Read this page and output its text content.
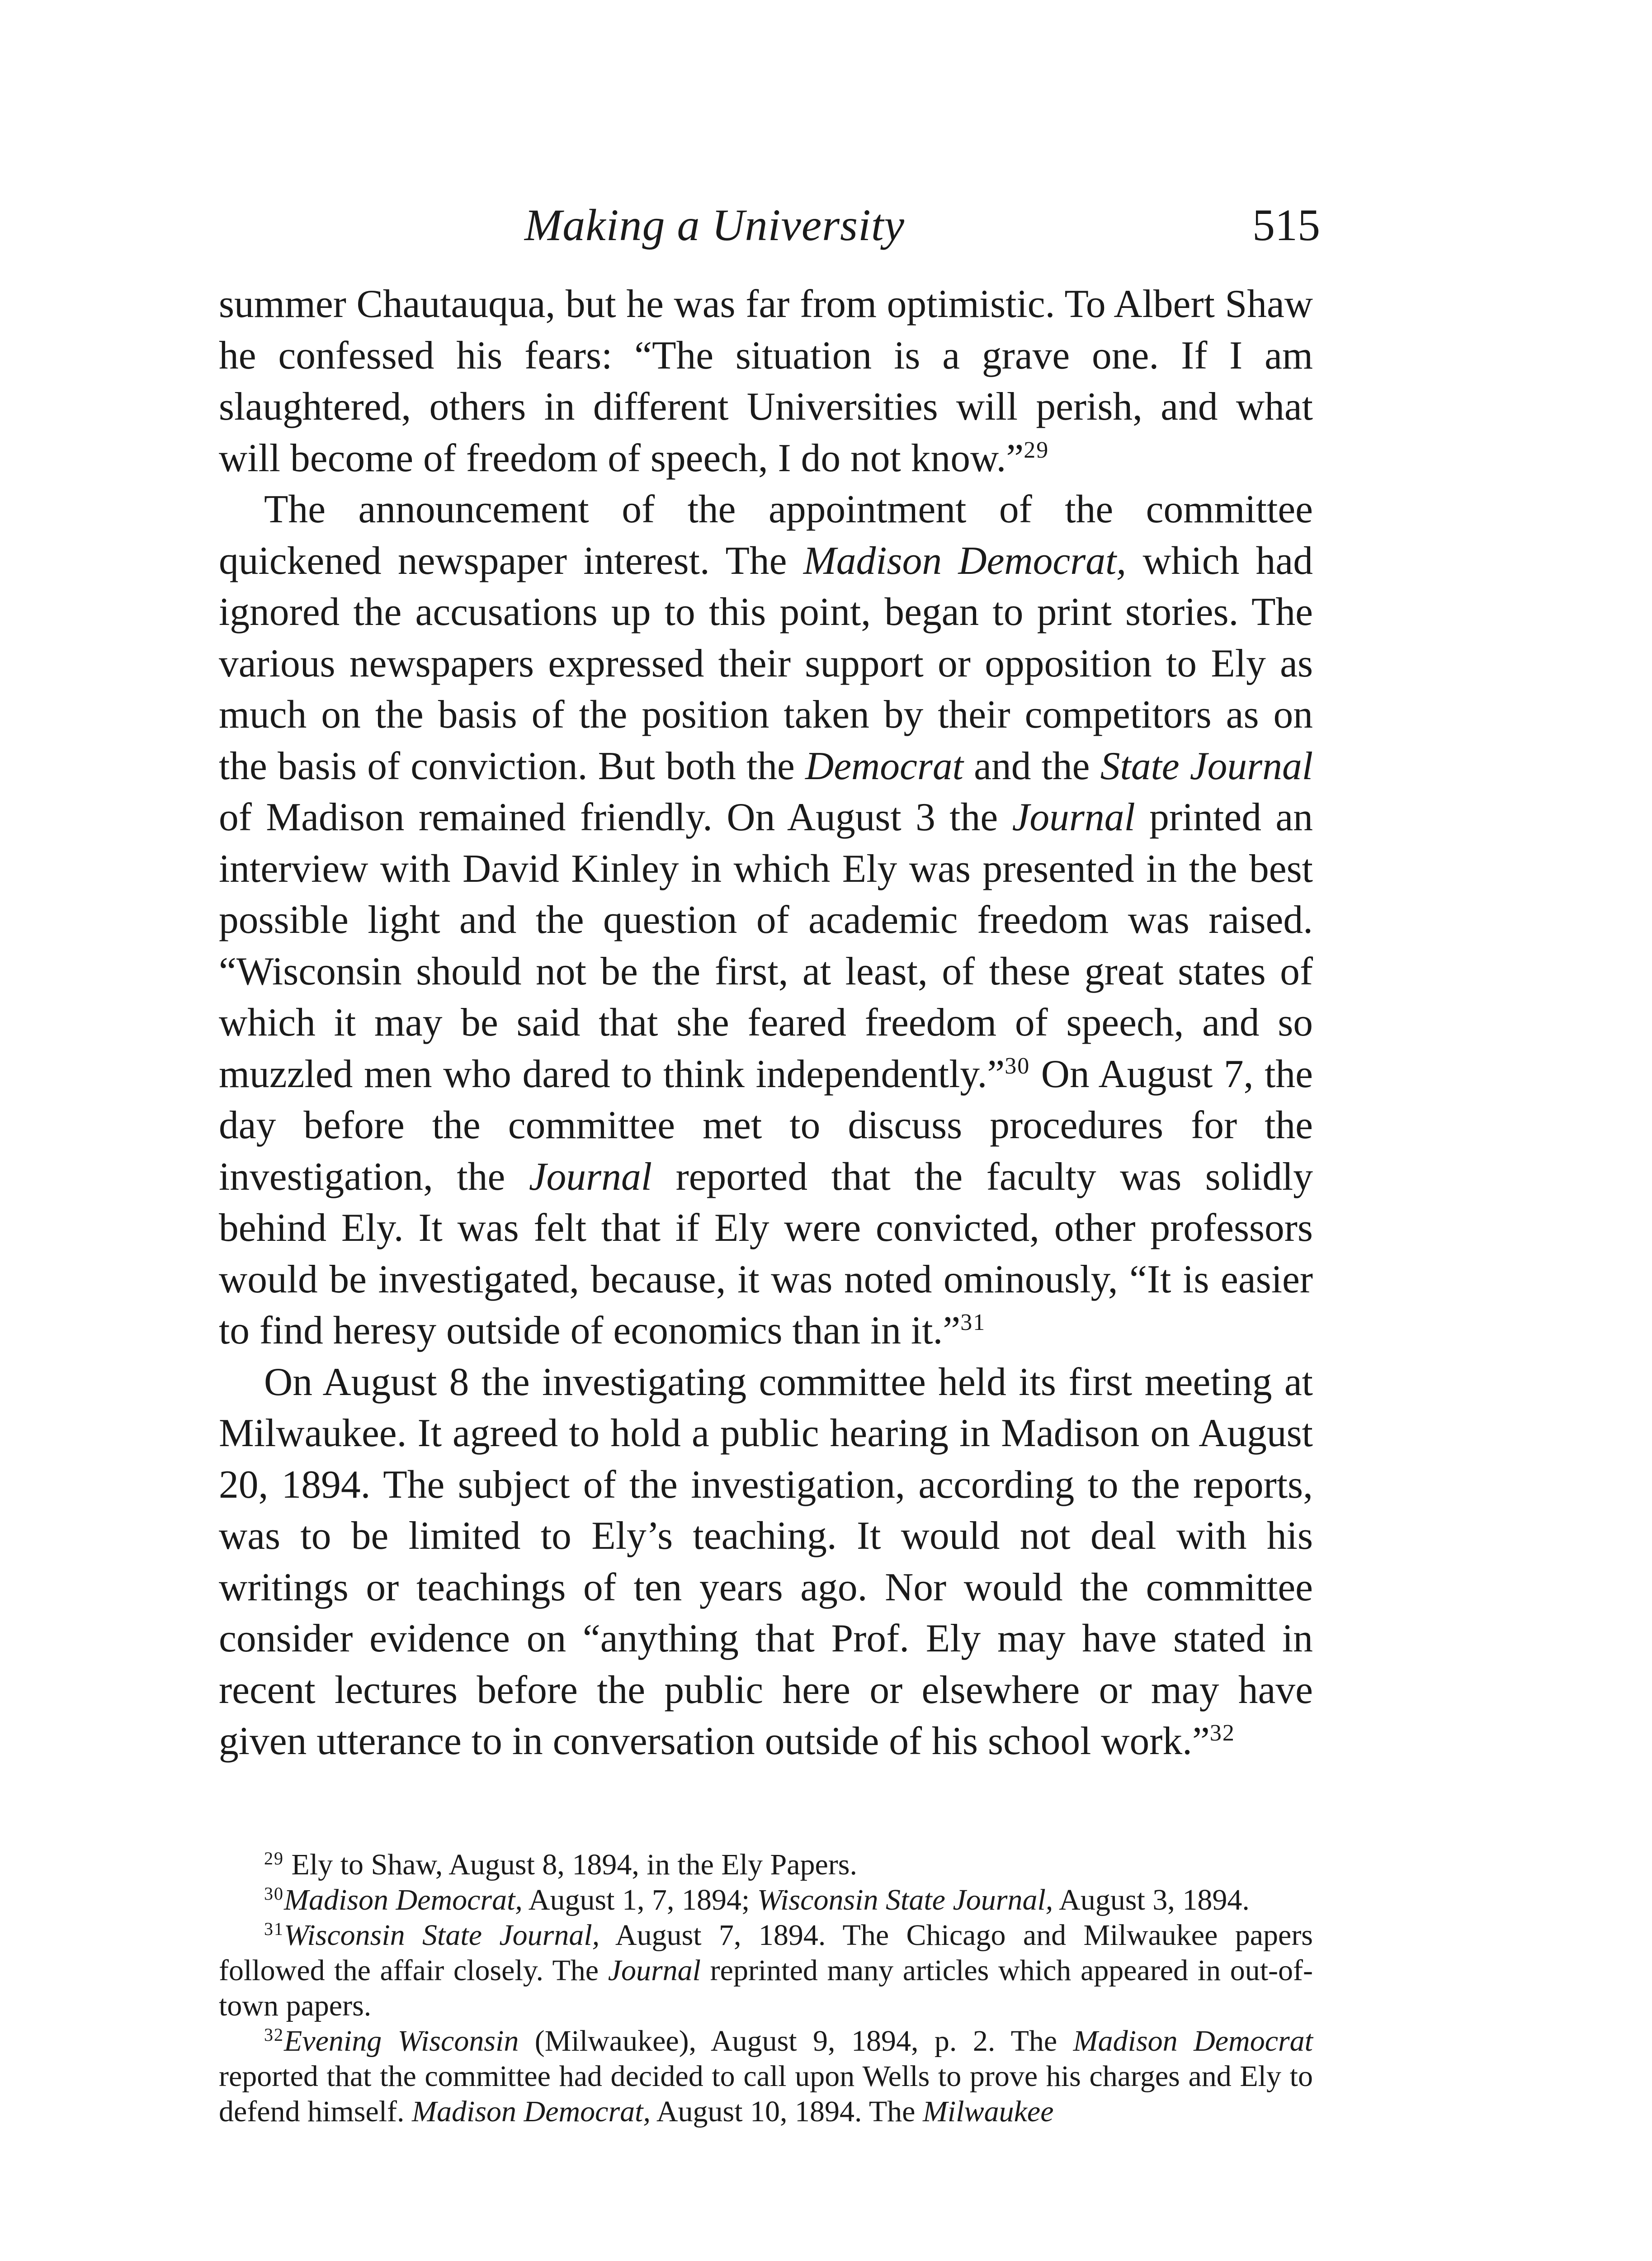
Making a University	515

summer Chautauqua, but he was far from optimistic. To Albert Shaw he confessed his fears: “The situation is a grave one. If I am slaughtered, others in different Universities will perish, and what will become of freedom of speech, I do not know.”$^{29}$

The announcement of the appointment of the committee quickened newspaper interest. The Madison Democrat, which had ignored the accusations up to this point, began to print stories. The various newspapers expressed their support or opposition to Ely as much on the basis of the position taken by their competitors as on the basis of conviction. But both the Democrat and the State Journal of Madison remained friendly. On August 3 the Journal printed an interview with David Kinley in which Ely was presented in the best possible light and the question of academic freedom was raised. “Wisconsin should not be the first, at least, of these great states of which it may be said that she feared freedom of speech, and so muzzled men who dared to think independently.”$^{30}$ On August 7, the day before the committee met to discuss procedures for the investigation, the Journal reported that the faculty was solidly behind Ely. It was felt that if Ely were convicted, other professors would be investigated, because, it was noted ominously, “It is easier to find heresy outside of economics than in it.”$^{31}$

On August 8 the investigating committee held its first meeting at Milwaukee. It agreed to hold a public hearing in Madison on August 20, 1894. The subject of the investigation, according to the reports, was to be limited to Ely’s teaching. It would not deal with his writings or teachings of ten years ago. Nor would the committee consider evidence on “anything that Prof. Ely may have stated in recent lectures before the public here or elsewhere or may have given utterance to in conversation outside of his school work.”$^{32}$

$^{29}$ Ely to Shaw, August 8, 1894, in the Ely Papers.

$^{30}$Madison Democrat, August 1, 7, 1894; Wisconsin State Journal, August 3, 1894.

$^{31}$Wisconsin State Journal, August 7, 1894. The Chicago and Milwaukee papers followed the affair closely. The Journal reprinted many articles which appeared in out-of-town papers.

$^{32}$Evening Wisconsin (Milwaukee), August 9, 1894, p. 2. The Madison Democrat reported that the committee had decided to call upon Wells to prove his charges and Ely to defend himself. Madison Democrat, August 10, 1894. The Milwaukee
